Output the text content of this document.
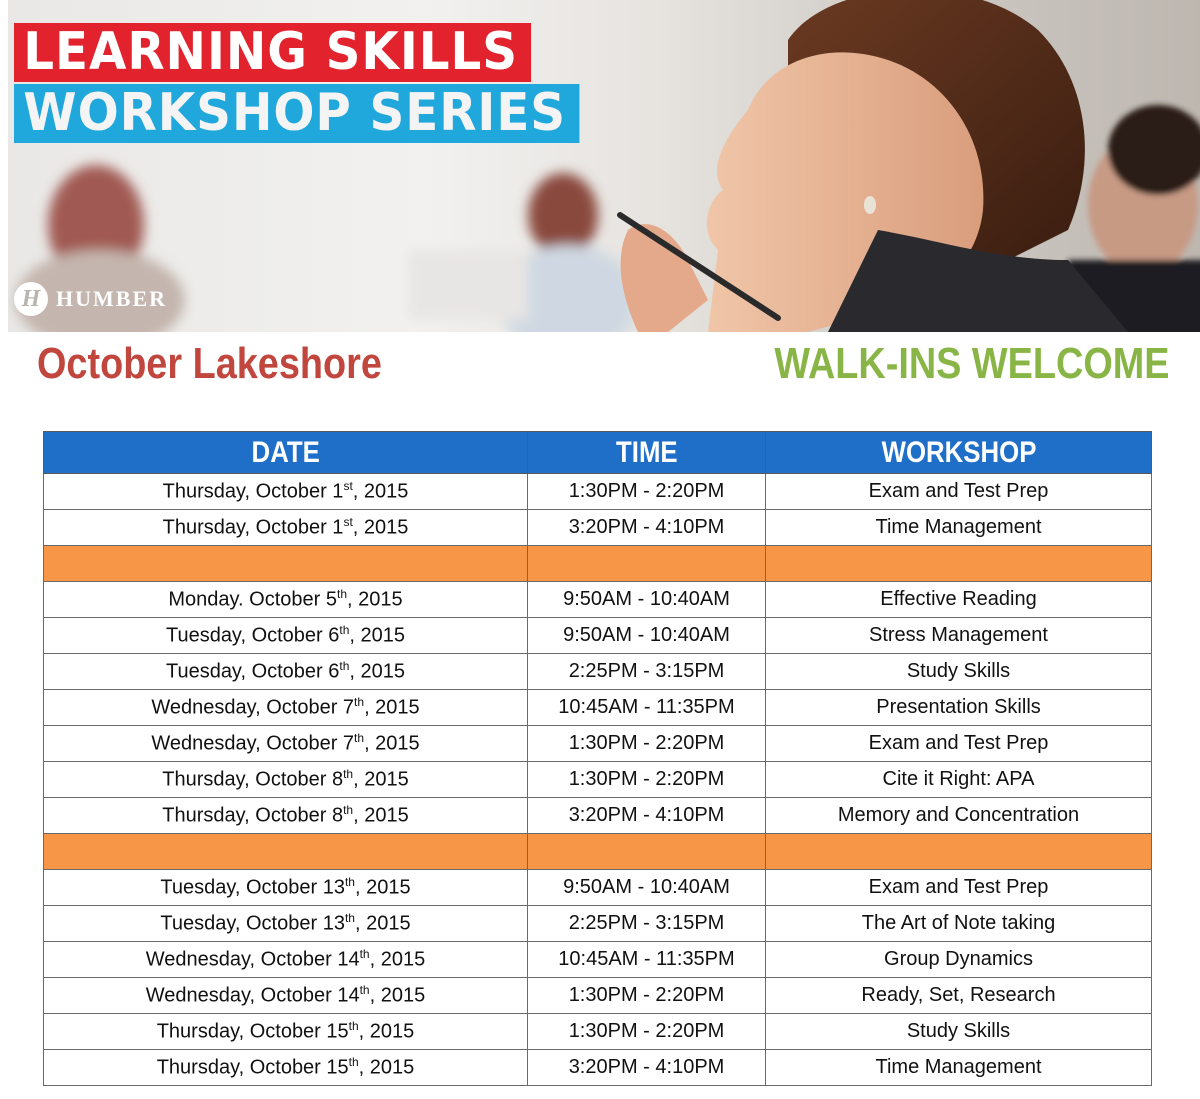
LEARNING SKILLS
WORKSHOP SERIES
H HUMBER
October Lakeshore	WALK-INS WELCOME
DATE	TIME	WORKSHOP
Thursday, October 1st, 2015	1:30PM - 2:20PM	Exam and Test Prep
Thursday, October 1st, 2015	3:20PM - 4:10PM	Time Management

Monday. October 5th, 2015	9:50AM - 10:40AM	Effective Reading
Tuesday, October 6th, 2015	9:50AM - 10:40AM	Stress Management
Tuesday, October 6th, 2015	2:25PM - 3:15PM	Study Skills
Wednesday, October 7th, 2015	10:45AM - 11:35PM	Presentation Skills
Wednesday, October 7th, 2015	1:30PM - 2:20PM	Exam and Test Prep
Thursday, October 8th, 2015	1:30PM - 2:20PM	Cite it Right: APA
Thursday, October 8th, 2015	3:20PM - 4:10PM	Memory and Concentration

Tuesday, October 13th, 2015	9:50AM - 10:40AM	Exam and Test Prep
Tuesday, October 13th, 2015	2:25PM - 3:15PM	The Art of Note taking
Wednesday, October 14th, 2015	10:45AM - 11:35PM	Group Dynamics
Wednesday, October 14th, 2015	1:30PM - 2:20PM	Ready, Set, Research
Thursday, October 15th, 2015	1:30PM - 2:20PM	Study Skills
Thursday, October 15th, 2015	3:20PM - 4:10PM	Time Management
